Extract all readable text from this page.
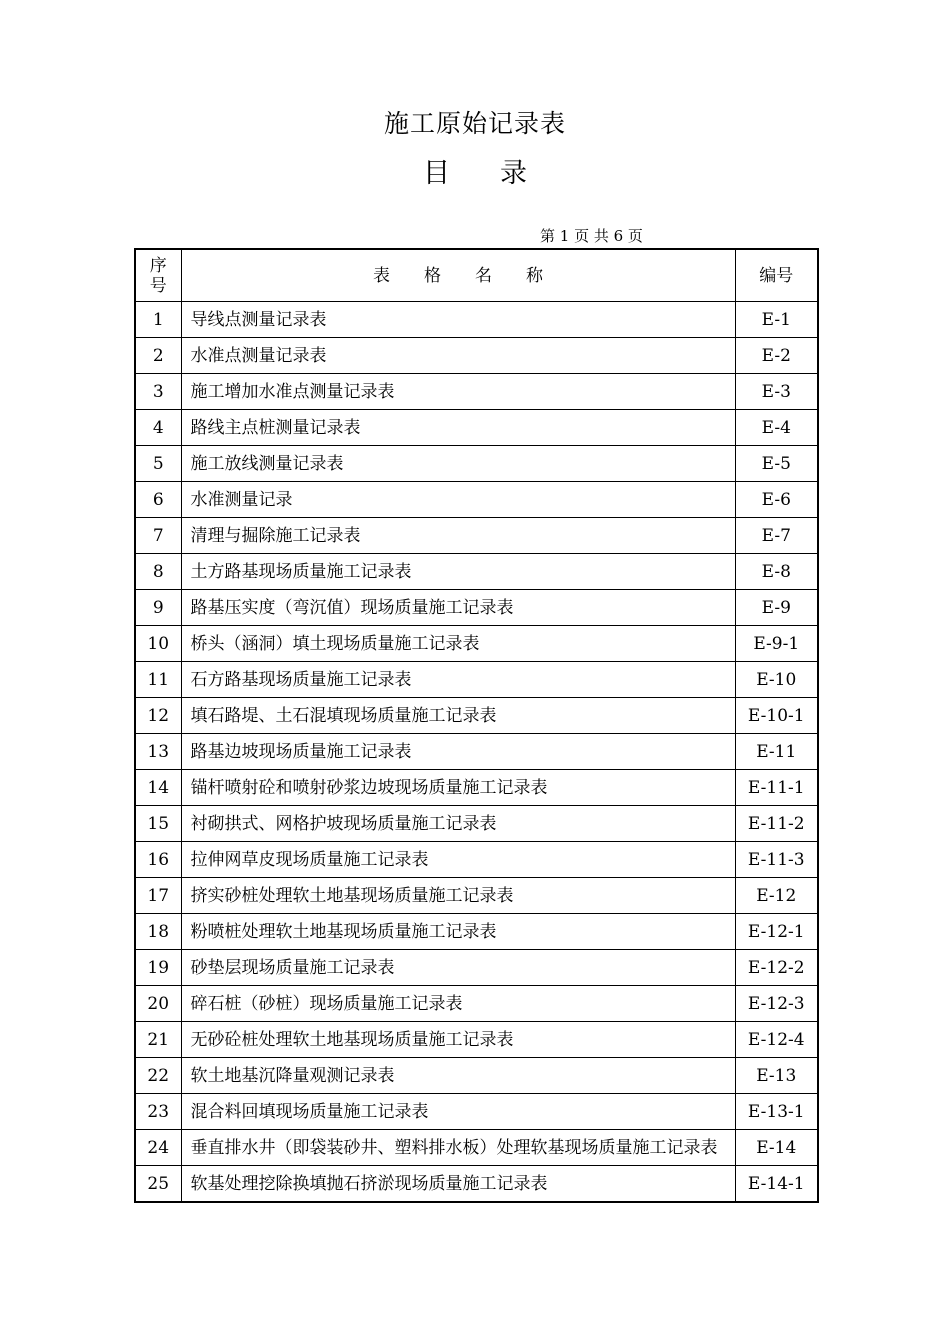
施工原始记录表
目 录
第 1 页 共 6 页
序
号	表 格 名 称	编号
1	导线点测量记录表	E-1
2	水准点测量记录表	E-2
3	施工增加水准点测量记录表	E-3
4	路线主点桩测量记录表	E-4
5	施工放线测量记录表	E-5
6	水准测量记录	E-6
7	清理与掘除施工记录表	E-7
8	土方路基现场质量施工记录表	E-8
9	路基压实度（弯沉值）现场质量施工记录表	E-9
10	桥头（涵洞）填土现场质量施工记录表	E-9-1
11	石方路基现场质量施工记录表	E-10
12	填石路堤、土石混填现场质量施工记录表	E-10-1
13	路基边坡现场质量施工记录表	E-11
14	锚杆喷射砼和喷射砂浆边坡现场质量施工记录表	E-11-1
15	衬砌拱式、网格护坡现场质量施工记录表	E-11-2
16	拉伸网草皮现场质量施工记录表	E-11-3
17	挤实砂桩处理软土地基现场质量施工记录表	E-12
18	粉喷桩处理软土地基现场质量施工记录表	E-12-1
19	砂垫层现场质量施工记录表	E-12-2
20	碎石桩（砂桩）现场质量施工记录表	E-12-3
21	无砂砼桩处理软土地基现场质量施工记录表	E-12-4
22	软土地基沉降量观测记录表	E-13
23	混合料回填现场质量施工记录表	E-13-1
24	垂直排水井（即袋装砂井、塑料排水板）处理软基现场质量施工记录表	E-14
25	软基处理挖除换填抛石挤淤现场质量施工记录表	E-14-1
